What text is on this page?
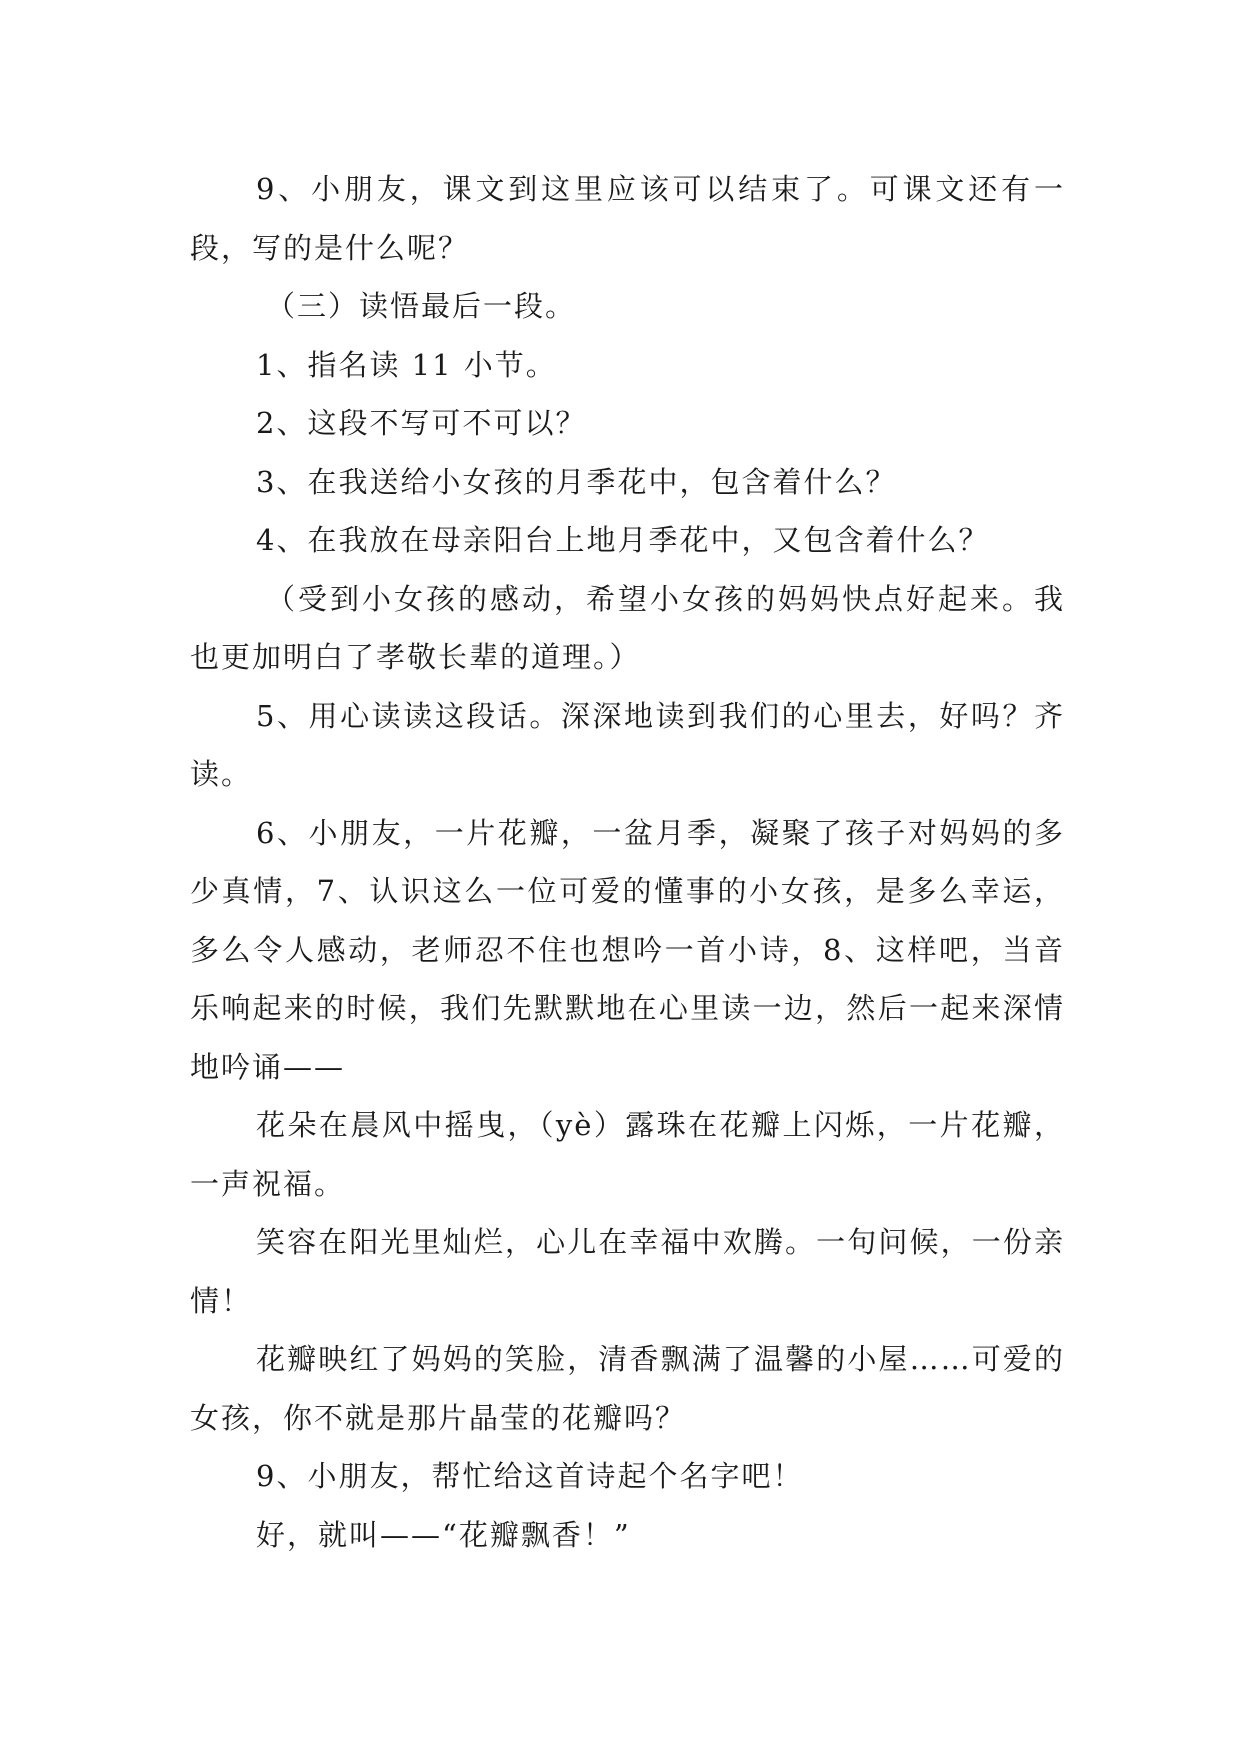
9、小朋友，课文到这里应该可以结束了。可课文还有一段，写的是什么呢？

（三）读悟最后一段。

1、指名读 11 小节。

2、这段不写可不可以？

3、在我送给小女孩的月季花中，包含着什么？

4、在我放在母亲阳台上地月季花中，又包含着什么？

（受到小女孩的感动，希望小女孩的妈妈快点好起来。我也更加明白了孝敬长辈的道理。）

5、用心读读这段话。深深地读到我们的心里去，好吗？齐读。

6、小朋友，一片花瓣，一盆月季，凝聚了孩子对妈妈的多少真情，7、认识这么一位可爱的懂事的小女孩，是多么幸运，多么令人感动，老师忍不住也想吟一首小诗，8、这样吧，当音乐响起来的时候，我们先默默地在心里读一边，然后一起来深情地吟诵——

花朵在晨风中摇曳，（yè）露珠在花瓣上闪烁，一片花瓣，一声祝福。

笑容在阳光里灿烂，心儿在幸福中欢腾。一句问候，一份亲情！

花瓣映红了妈妈的笑脸，清香飘满了温馨的小屋……可爱的女孩，你不就是那片晶莹的花瓣吗？

9、小朋友，帮忙给这首诗起个名字吧！

好，就叫——“花瓣飘香！”
